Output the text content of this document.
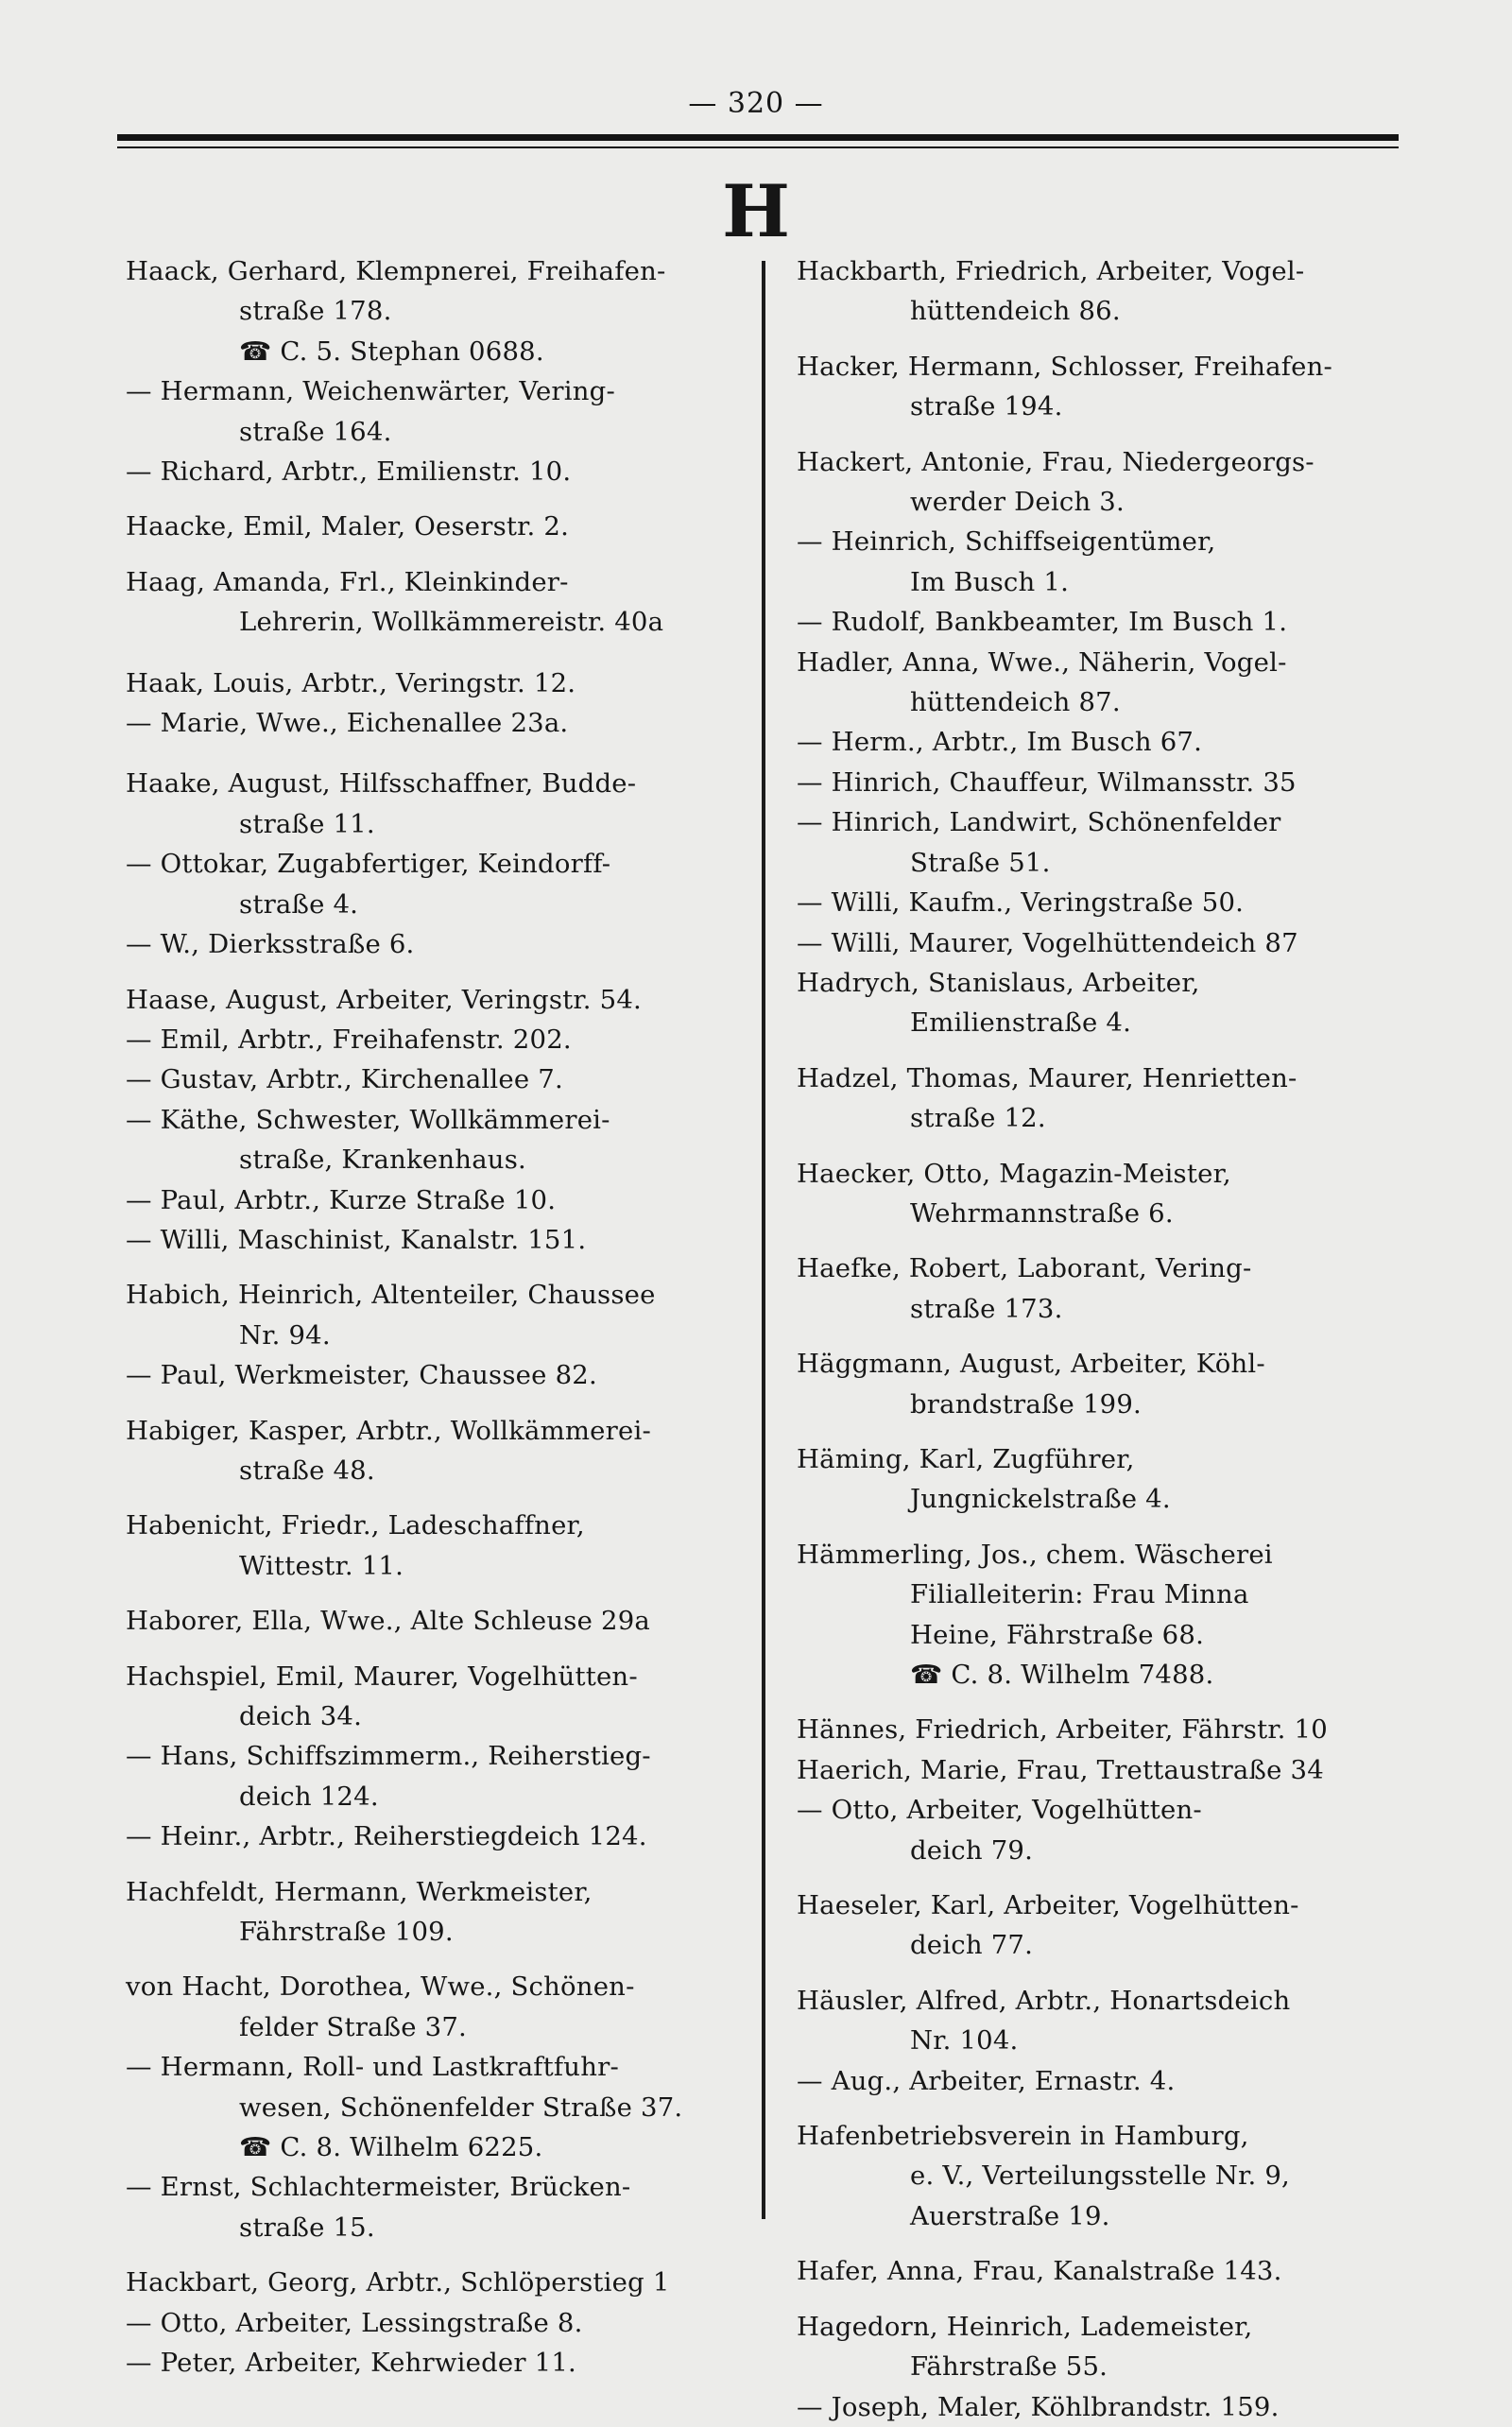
— 320 —
H
Haack, Gerhard, Klempnerei, Freihafen-
straße 178.
☎ C. 5. Stephan 0688.
— Hermann, Weichenwärter, Vering-
straße 164.
— Richard, Arbtr., Emilienstr. 10.
Haacke, Emil, Maler, Oeserstr. 2.
Haag, Amanda, Frl., Kleinkinder-
Lehrerin, Wollkämmereistr. 40a
Haak, Louis, Arbtr., Veringstr. 12.
— Marie, Wwe., Eichenallee 23a.
Haake, August, Hilfsschaffner, Budde-
straße 11.
— Ottokar, Zugabfertiger, Keindorff-
straße 4.
— W., Dierksstraße 6.
Haase, August, Arbeiter, Veringstr. 54.
— Emil, Arbtr., Freihafenstr. 202.
— Gustav, Arbtr., Kirchenallee 7.
— Käthe, Schwester, Wollkämmerei-
straße, Krankenhaus.
— Paul, Arbtr., Kurze Straße 10.
— Willi, Maschinist, Kanalstr. 151.
Habich, Heinrich, Altenteiler, Chaussee
Nr. 94.
— Paul, Werkmeister, Chaussee 82.
Habiger, Kasper, Arbtr., Wollkämmerei-
straße 48.
Habenicht, Friedr., Ladeschaffner,
Wittestr. 11.
Haborer, Ella, Wwe., Alte Schleuse 29a
Hachspiel, Emil, Maurer, Vogelhütten-
deich 34.
— Hans, Schiffszimmerm., Reiherstieg-
deich 124.
— Heinr., Arbtr., Reiherstiegdeich 124.
Hachfeldt, Hermann, Werkmeister,
Fährstraße 109.
von Hacht, Dorothea, Wwe., Schönen-
felder Straße 37.
— Hermann, Roll- und Lastkraftfuhr-
wesen, Schönenfelder Straße 37.
☎ C. 8. Wilhelm 6225.
— Ernst, Schlachtermeister, Brücken-
straße 15.
Hackbart, Georg, Arbtr., Schlöperstieg 1
— Otto, Arbeiter, Lessingstraße 8.
— Peter, Arbeiter, Kehrwieder 11.
Hackbarth, Friedrich, Arbeiter, Vogel-
hüttendeich 86.
Hacker, Hermann, Schlosser, Freihafen-
straße 194.
Hackert, Antonie, Frau, Niedergeorgs-
werder Deich 3.
— Heinrich, Schiffseigentümer,
Im Busch 1.
— Rudolf, Bankbeamter, Im Busch 1.
Hadler, Anna, Wwe., Näherin, Vogel-
hüttendeich 87.
— Herm., Arbtr., Im Busch 67.
— Hinrich, Chauffeur, Wilmansstr. 35
— Hinrich, Landwirt, Schönenfelder
Straße 51.
— Willi, Kaufm., Veringstraße 50.
— Willi, Maurer, Vogelhüttendeich 87
Hadrych, Stanislaus, Arbeiter,
Emilienstraße 4.
Hadzel, Thomas, Maurer, Henrietten-
straße 12.
Haecker, Otto, Magazin-Meister,
Wehrmannstraße 6.
Haefke, Robert, Laborant, Vering-
straße 173.
Häggmann, August, Arbeiter, Köhl-
brandstraße 199.
Häming, Karl, Zugführer,
Jungnickelstraße 4.
Hämmerling, Jos., chem. Wäscherei
Filialleiterin: Frau Minna
Heine, Fährstraße 68.
☎ C. 8. Wilhelm 7488.
Hännes, Friedrich, Arbeiter, Fährstr. 10
Haerich, Marie, Frau, Trettaustraße 34
— Otto, Arbeiter, Vogelhütten-
deich 79.
Haeseler, Karl, Arbeiter, Vogelhütten-
deich 77.
Häusler, Alfred, Arbtr., Honartsdeich
Nr. 104.
— Aug., Arbeiter, Ernastr. 4.
Hafenbetriebsverein in Hamburg,
e. V., Verteilungsstelle Nr. 9,
Auerstraße 19.
Hafer, Anna, Frau, Kanalstraße 143.
Hagedorn, Heinrich, Lademeister,
Fährstraße 55.
— Joseph, Maler, Köhlbrandstr. 159.
